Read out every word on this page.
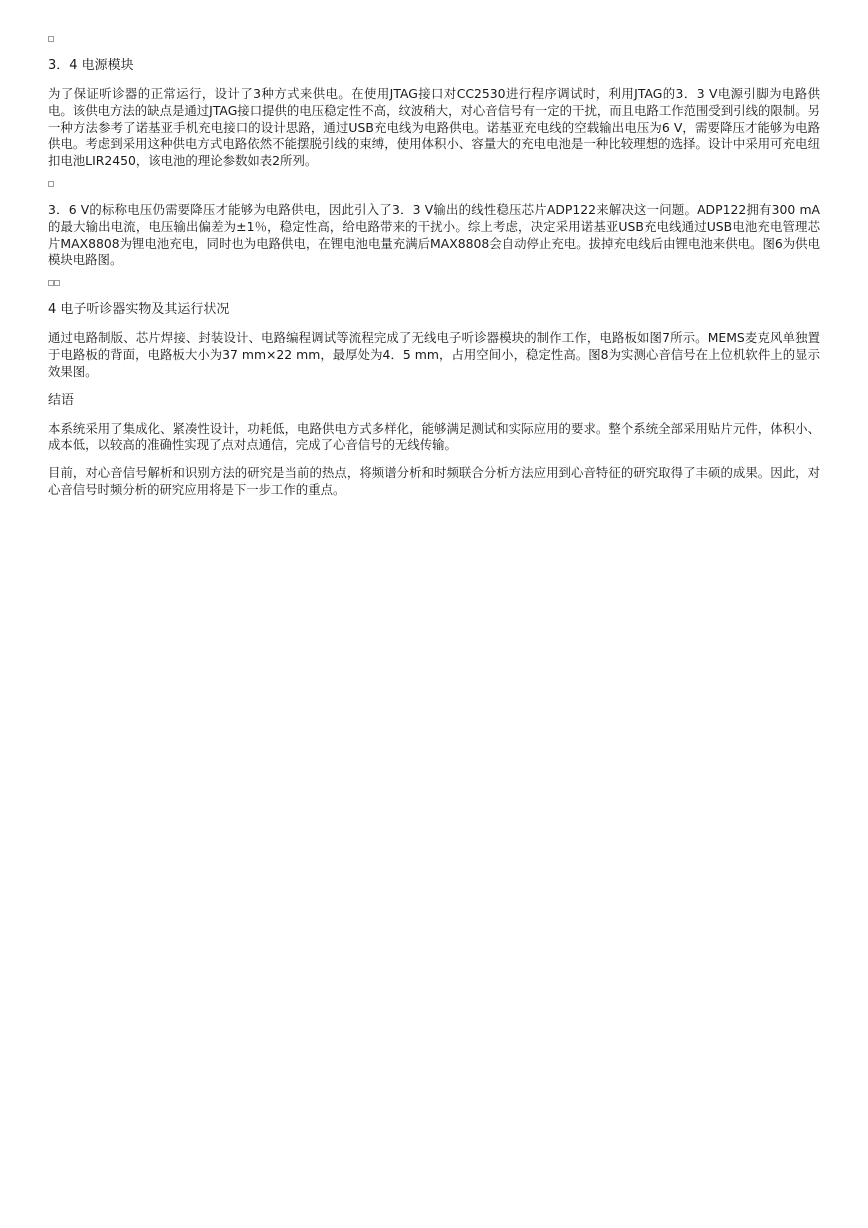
3．4 电源模块

为了保证听诊器的正常运行，设计了3种方式来供电。在使用JTAG接口对CC2530进行程序调试时，利用JTAG的3．3 V电源引脚为电路供电。该供电方法的缺点是通过JTAG接口提供的电压稳定性不高，纹波稍大，对心音信号有一定的干扰，而且电路工作范围受到引线的限制。另一种方法参考了诺基亚手机充电接口的设计思路，通过USB充电线为电路供电。诺基亚充电线的空载输出电压为6 V，需要降压才能够为电路供电。考虑到采用这种供电方式电路依然不能摆脱引线的束缚，使用体积小、容量大的充电电池是一种比较理想的选择。设计中采用可充电纽扣电池LIR2450，该电池的理论参数如表2所列。

3．6 V的标称电压仍需要降压才能够为电路供电，因此引入了3．3 V输出的线性稳压芯片ADP122来解决这一问题。ADP122拥有300 mA的最大输出电流，电压输出偏差为±1％，稳定性高，给电路带来的干扰小。综上考虑，决定采用诺基亚USB充电线通过USB电池充电管理芯片MAX8808为锂电池充电，同时也为电路供电，在锂电池电量充满后MAX8808会自动停止充电。拔掉充电线后由锂电池来供电。图6为供电模块电路图。

4 电子听诊器实物及其运行状况

通过电路制版、芯片焊接、封装设计、电路编程调试等流程完成了无线电子听诊器模块的制作工作，电路板如图7所示。MEMS麦克风单独置于电路板的背面，电路板大小为37 mm×22 mm，最厚处为4．5 mm，占用空间小，稳定性高。图8为实测心音信号在上位机软件上的显示效果图。

结语

本系统采用了集成化、紧凑性设计，功耗低，电路供电方式多样化，能够满足测试和实际应用的要求。整个系统全部采用贴片元件，体积小、成本低，以较高的准确性实现了点对点通信，完成了心音信号的无线传输。

目前，对心音信号解析和识别方法的研究是当前的热点，将频谱分析和时频联合分析方法应用到心音特征的研究取得了丰硕的成果。因此，对心音信号时频分析的研究应用将是下一步工作的重点。
